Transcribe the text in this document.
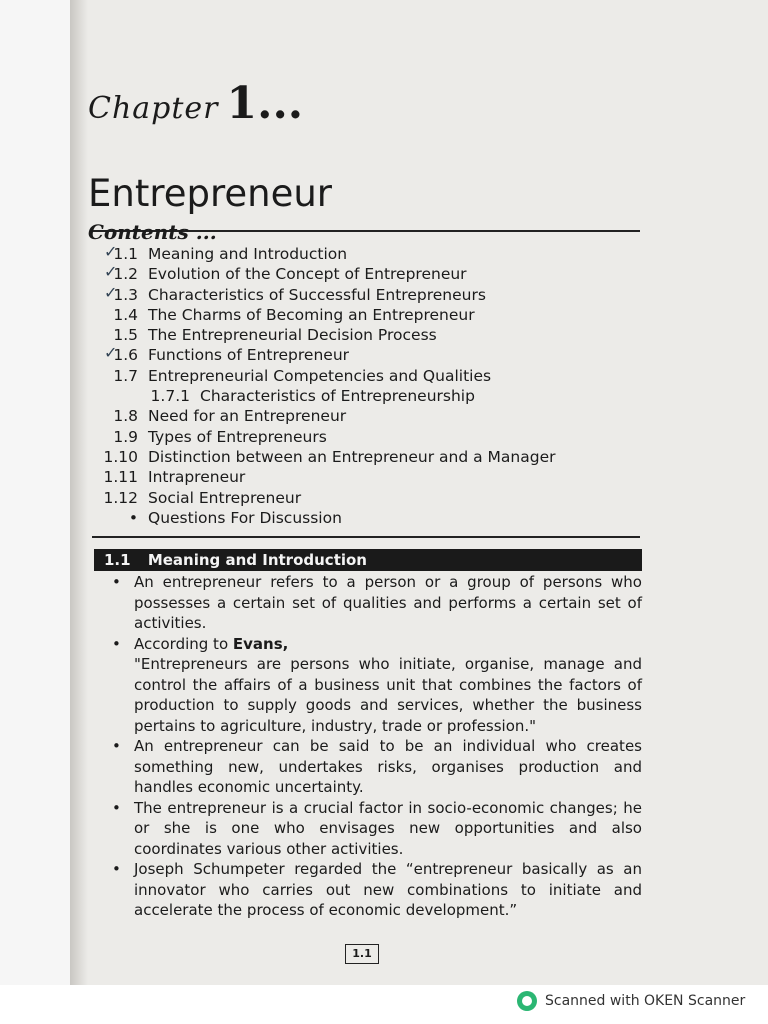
Chapter 1...
Entrepreneur
Contents ...
✓
1.1 Meaning and Introduction
✓
1.2 Evolution of the Concept of Entrepreneur
✓
1.3 Characteristics of Successful Entrepreneurs
1.4 The Charms of Becoming an Entrepreneur
1.5 The Entrepreneurial Decision Process
✓
1.6 Functions of Entrepreneur
1.7 Entrepreneurial Competencies and Qualities
1.7.1 Characteristics of Entrepreneurship
1.8 Need for an Entrepreneur
1.9 Types of Entrepreneurs
1.10 Distinction between an Entrepreneur and a Manager
1.11 Intrapreneur
1.12 Social Entrepreneur
• Questions For Discussion
1.1 Meaning and Introduction
• An entrepreneur refers to a person or a group of persons who possesses a certain set of qualities and performs a certain set of activities.
• According to Evans,
"Entrepreneurs are persons who initiate, organise, manage and control the affairs of a business unit that combines the factors of production to supply goods and services, whether the business pertains to agriculture, industry, trade or profession."
• An entrepreneur can be said to be an individual who creates something new, undertakes risks, organises production and handles economic uncertainty.
• The entrepreneur is a crucial factor in socio-economic changes; he or she is one who envisages new opportunities and also coordinates various other activities.
• Joseph Schumpeter regarded the “entrepreneur basically as an innovator who carries out new combinations to initiate and accelerate the process of economic development.”
1.1
Scanned with OKEN Scanner
